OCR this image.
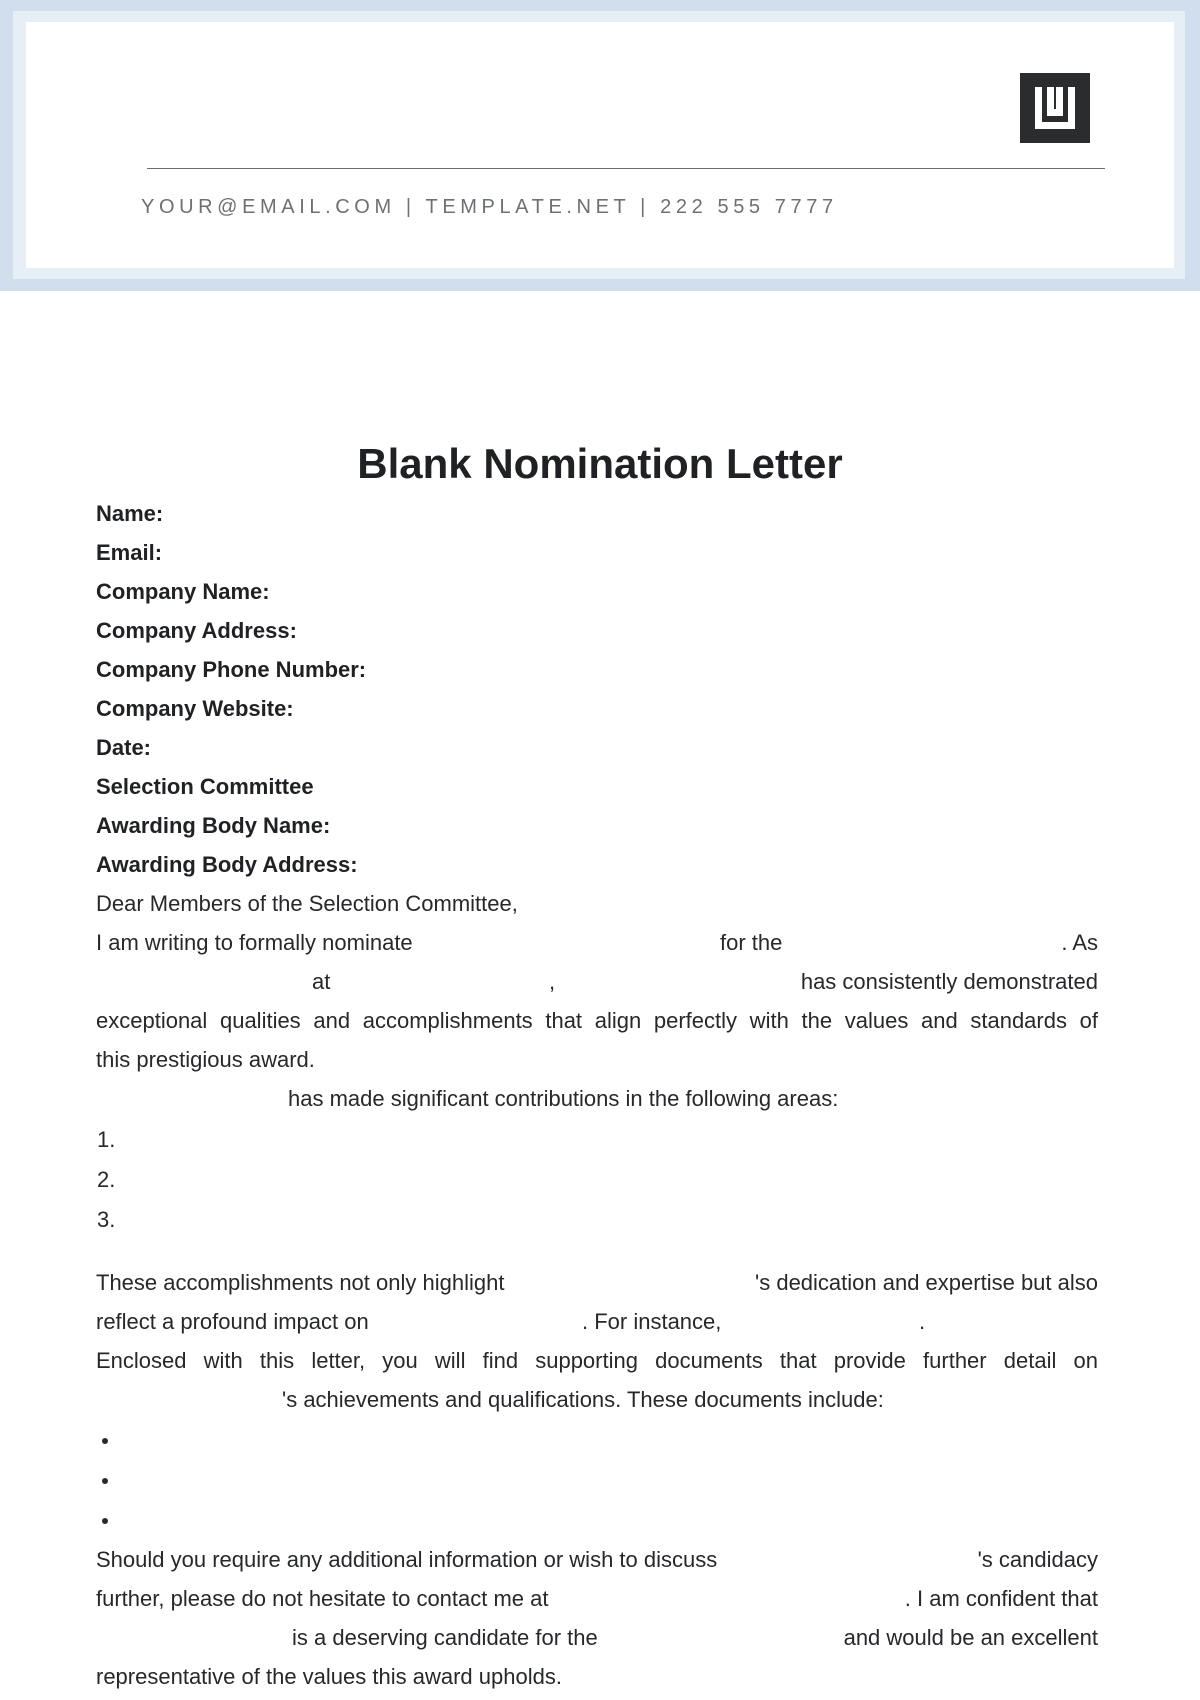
YOUR@EMAIL.COM | TEMPLATE.NET | 222 555 7777
Blank Nomination Letter
Name:
Email:
Company Name:
Company Address:
Company Phone Number:
Company Website:
Date:
Selection Committee
Awarding Body Name:
Awarding Body Address:
Dear Members of the Selection Committee,
I am writing to formally nominate	for the	. As
at	,	has consistently demonstrated
exceptional qualities and accomplishments that align perfectly with the values and standards of
this prestigious award.
has made significant contributions in the following areas:
1.
2.
3.
These accomplishments not only highlight	's dedication and expertise but also
reflect a profound impact on	. For instance,	.
Enclosed with this letter, you will find supporting documents that provide further detail on
's achievements and qualifications. These documents include:
Should you require any additional information or wish to discuss	's candidacy
further, please do not hesitate to contact me at	. I am confident that
is a deserving candidate for the	and would be an excellent
representative of the values this award upholds.
